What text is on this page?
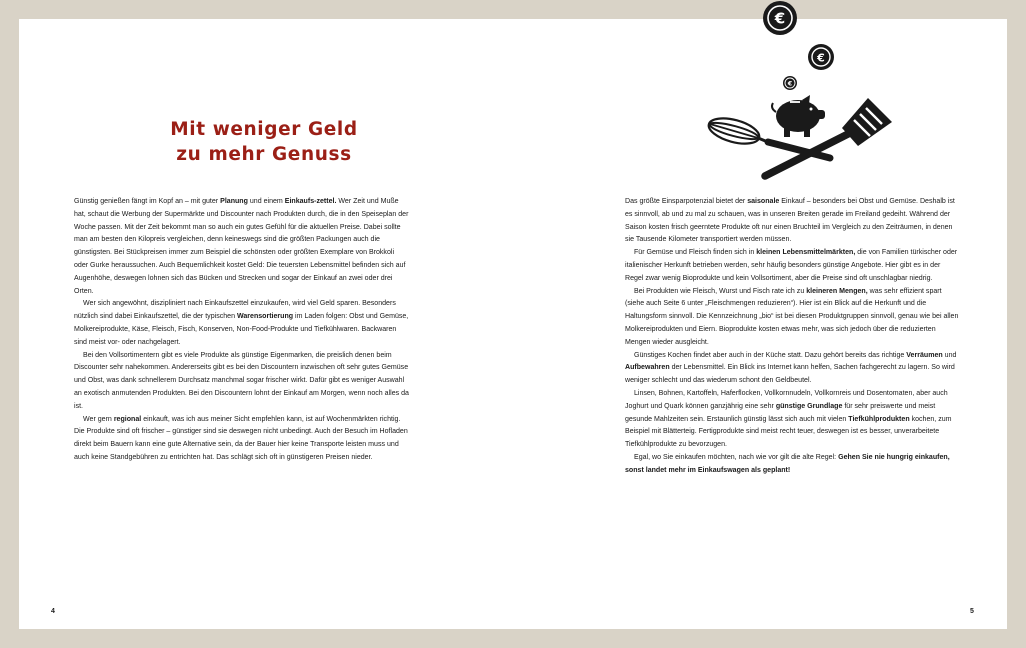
Mit weniger Geld
zu mehr Genuss

Günstig genießen fängt im Kopf an – mit guter Planung und einem Einkaufs-zettel. Wer Zeit und Muße hat, schaut die Werbung der Supermärkte und Discounter nach Produkten durch, die in den Speiseplan der Woche passen. Mit der Zeit bekommt man so auch ein gutes Gefühl für die aktuellen Preise. Dabei sollte man am besten den Kilopreis vergleichen, denn keineswegs sind die größten Packungen auch die günstigsten. Bei Stückpreisen immer zum Beispiel die schönsten oder größten Exemplare von Brokkoli oder Gurke heraussuchen. Auch Bequemlichkeit kostet Geld: Die teuersten Lebensmittel befinden sich auf Augenhöhe, deswegen lohnen sich das Bücken und Strecken und sogar der Einkauf an zwei oder drei Orten.

Wer sich angewöhnt, diszipliniert nach Einkaufszettel einzukaufen, wird viel Geld sparen. Besonders nützlich sind dabei Einkaufszettel, die der typischen Warensortierung im Laden folgen: Obst und Gemüse, Molkereiprodukte, Käse, Fleisch, Fisch, Konserven, Non-Food-Produkte und Tiefkühlwaren. Backwaren sind meist vor- oder nachgelagert.

Bei den Vollsortimentern gibt es viele Produkte als günstige Eigenmarken, die preislich denen beim Discounter sehr nahekommen. Andererseits gibt es bei den Discountern inzwischen oft sehr gutes Gemüse und Obst, was dank schnellerem Durchsatz manchmal sogar frischer wirkt. Dafür gibt es weniger Auswahl an exotisch anmutenden Produkten. Bei den Discountern lohnt der Einkauf am Morgen, wenn noch alles da ist.

Wer gern regional einkauft, was ich aus meiner Sicht empfehlen kann, ist auf Wochenmärkten richtig. Die Produkte sind oft frischer – günstiger sind sie deswegen nicht unbedingt. Auch der Besuch im Hofladen direkt beim Bauern kann eine gute Alternative sein, da der Bauer hier keine Transporte leisten muss und auch keine Standgebühren zu entrichten hat. Das schlägt sich oft in günstigeren Preisen nieder.

Das größte Einsparpotenzial bietet der saisonale Einkauf – besonders bei Obst und Gemüse. Deshalb ist es sinnvoll, ab und zu mal zu schauen, was in unseren Breiten gerade im Freiland gedeiht. Während der Saison kosten frisch geerntete Produkte oft nur einen Bruchteil im Vergleich zu den Zeiträumen, in denen sie Tausende Kilometer transportiert werden müssen.

Für Gemüse und Fleisch finden sich in kleinen Lebensmittelmärkten, die von Familien türkischer oder italienischer Herkunft betrieben werden, sehr häufig besonders günstige Angebote. Hier gibt es in der Regel zwar wenig Bioprodukte und kein Vollsortiment, aber die Preise sind oft unschlagbar niedrig.

Bei Produkten wie Fleisch, Wurst und Fisch rate ich zu kleineren Mengen, was sehr effizient spart (siehe auch Seite 6 unter „Fleischmengen reduzieren“). Hier ist ein Blick auf die Herkunft und die Haltungsform sinnvoll. Die Kennzeichnung „bio“ ist bei diesen Produktgruppen sinnvoll, genau wie bei allen Molkereiprodukten und Eiern. Bioprodukte kosten etwas mehr, was sich jedoch über die reduzierten Mengen wieder ausgleicht.

Günstiges Kochen findet aber auch in der Küche statt. Dazu gehört bereits das richtige Verräumen und Aufbewahren der Lebensmittel. Ein Blick ins Internet kann helfen, Sachen fachgerecht zu lagern. So wird weniger schlecht und das wiederum schont den Geldbeutel.

Linsen, Bohnen, Kartoffeln, Haferflocken, Vollkornnudeln, Vollkornreis und Dosentomaten, aber auch Joghurt und Quark können ganzjährig eine sehr günstige Grundlage für sehr preiswerte und meist gesunde Mahlzeiten sein. Erstaunlich günstig lässt sich auch mit vielen Tiefkühlprodukten kochen, zum Beispiel mit Blätterteig. Fertigprodukte sind meist recht teuer, deswegen ist es besser, unverarbeitete Tiefkühlprodukte zu bevorzugen.

Egal, wo Sie einkaufen möchten, nach wie vor gilt die alte Regel: Gehen Sie nie hungrig einkaufen, sonst landet mehr im Einkaufswagen als geplant!

4	5
€
€
€
